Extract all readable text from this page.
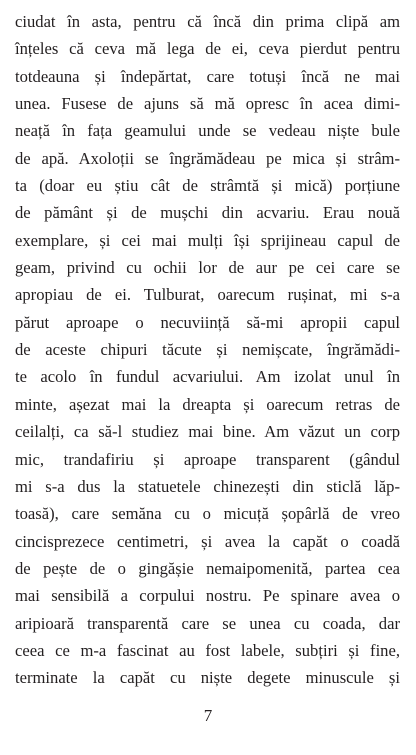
ciudat în asta, pentru că încă din prima clipă am
înțeles că ceva mă lega de ei, ceva pierdut pentru
totdeauna și îndepărtat, care totuși încă ne mai
unea. Fusese de ajuns să mă opresc în acea dimi-
neață în fața geamului unde se vedeau niște bule
de apă. Axoloții se îngrămădeau pe mica și strâm-
ta (doar eu știu cât de strâmtă și mică) porțiune
de pământ și de mușchi din acvariu. Erau nouă
exemplare, și cei mai mulți își sprijineau capul de
geam, privind cu ochii lor de aur pe cei care se
apropiau de ei. Tulburat, oarecum rușinat, mi s-a
părut aproape o necuviință să-mi apropii capul
de aceste chipuri tăcute și nemișcate, îngrămădi-
te acolo în fundul acvariului. Am izolat unul în
minte, așezat mai la dreapta și oarecum retras de
ceilalți, ca să-l studiez mai bine. Am văzut un corp
mic, trandafiriu și aproape transparent (gândul
mi s-a dus la statuetele chinezești din sticlă lăp-
toasă), care semăna cu o micuță șopârlă de vreo
cincisprezece centimetri, și avea la capăt o coadă
de pește de o gingășie nemaipomenită, partea cea
mai sensibilă a corpului nostru. Pe spinare avea o
aripioară transparentă care se unea cu coada, dar
ceea ce m-a fascinat au fost labele, subțiri și fine,
terminate la capăt cu niște degete minuscule și
7
